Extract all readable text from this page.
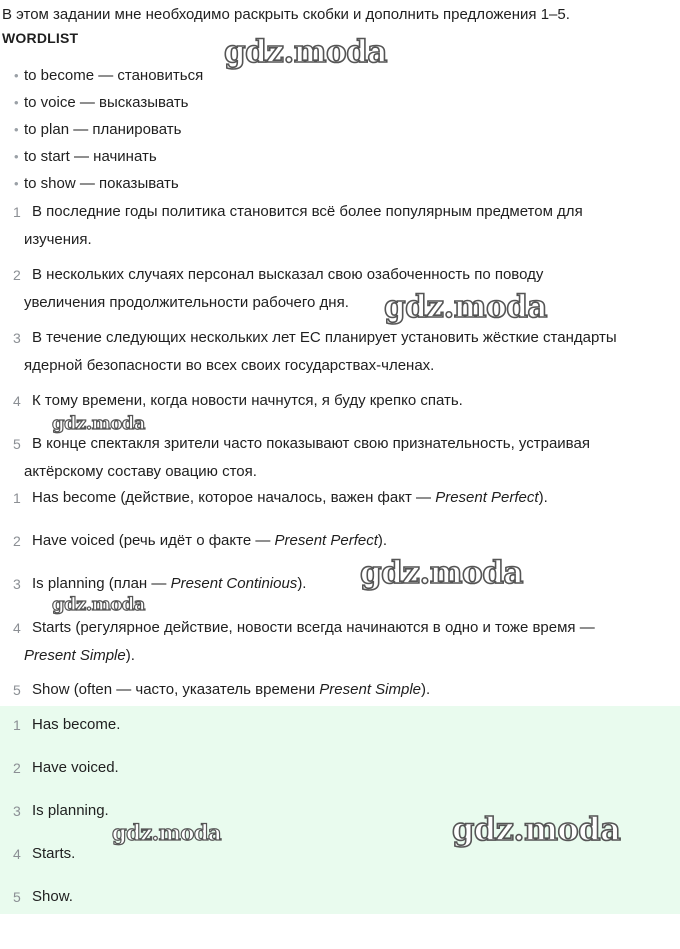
В этом задании мне необходимо раскрыть скобки и дополнить предложения 1–5.
WORDLIST
• to become — становиться
• to voice — высказывать
• to plan — планировать
• to start — начинать
• to show — показывать
1 В последние годы политика становится всё более популярным предметом для
изучения.
2 В нескольких случаях персонал высказал свою озабоченность по поводу
увеличения продолжительности рабочего дня.
3 В течение следующих нескольких лет ЕС планирует установить жёсткие стандарты
ядерной безопасности во всех своих государствах-членах.
4 К тому времени, когда новости начнутся, я буду крепко спать.
5 В конце спектакля зрители часто показывают свою признательность, устраивая
актёрскому составу овацию стоя.
1 Has become (действие, которое началось, важен факт — Present Perfect).
2 Have voiced (речь идёт о факте — Present Perfect).
3 Is planning (план — Present Continious).
4 Starts (регулярное действие, новости всегда начинаются в одно и тоже время —
Present Simple).
5 Show (often — часто, указатель времени Present Simple).
1 Has become.
2 Have voiced.
3 Is planning.
4 Starts.
5 Show.
gdz.moda
gdz.moda
gdz.moda
gdz.moda
gdz.moda
gdz.moda	gdz.moda
